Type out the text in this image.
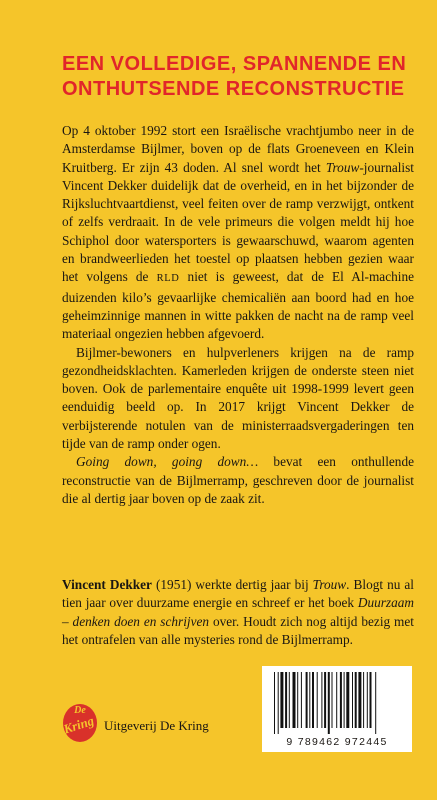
EEN VOLLEDIGE, SPANNENDE EN
ONTHUTSENDE RECONSTRUCTIE

Op 4 oktober 1992 stort een Israëlische vrachtjumbo neer in de Amsterdamse Bijlmer, boven op de flats Groeneveen en Klein Kruitberg. Er zijn 43 doden. Al snel wordt het Trouw-journalist Vincent Dekker duidelijk dat de overheid, en in het bijzonder de Rijksluchtvaartdienst, veel feiten over de ramp verzwijgt, ontkent of zelfs verdraait. In de vele primeurs die volgen meldt hij hoe Schiphol door watersporters is gewaarschuwd, waarom agenten en brandweerlieden het toestel op plaatsen hebben gezien waar het volgens de RLD niet is geweest, dat de El Al-machine duizenden kilo’s gevaarlijke chemicaliën aan boord had en hoe geheimzinnige mannen in witte pakken de nacht na de ramp veel materiaal ongezien hebben afgevoerd.

Bijlmer-bewoners en hulpverleners krijgen na de ramp gezondheidsklachten. Kamerleden krijgen de onderste steen niet boven. Ook de parlementaire enquête uit 1998-1999 levert geen eenduidig beeld op. In 2017 krijgt Vincent Dekker de verbijsterende notulen van de ministerraadsvergaderingen ten tijde van de ramp onder ogen.

Going down, going down… bevat een onthullende reconstructie van de Bijlmerramp, geschreven door de journalist die al dertig jaar boven op de zaak zit.

Vincent Dekker (1951) werkte dertig jaar bij Trouw. Blogt nu al tien jaar over duurzame energie en schreef er het boek Duurzaam – denken doen en schrijven over. Houdt zich nog altijd bezig met het ontrafelen van alle mysteries rond de Bijlmerramp.

De
Kring Uitgeverij De Kring
9 789462 972445
